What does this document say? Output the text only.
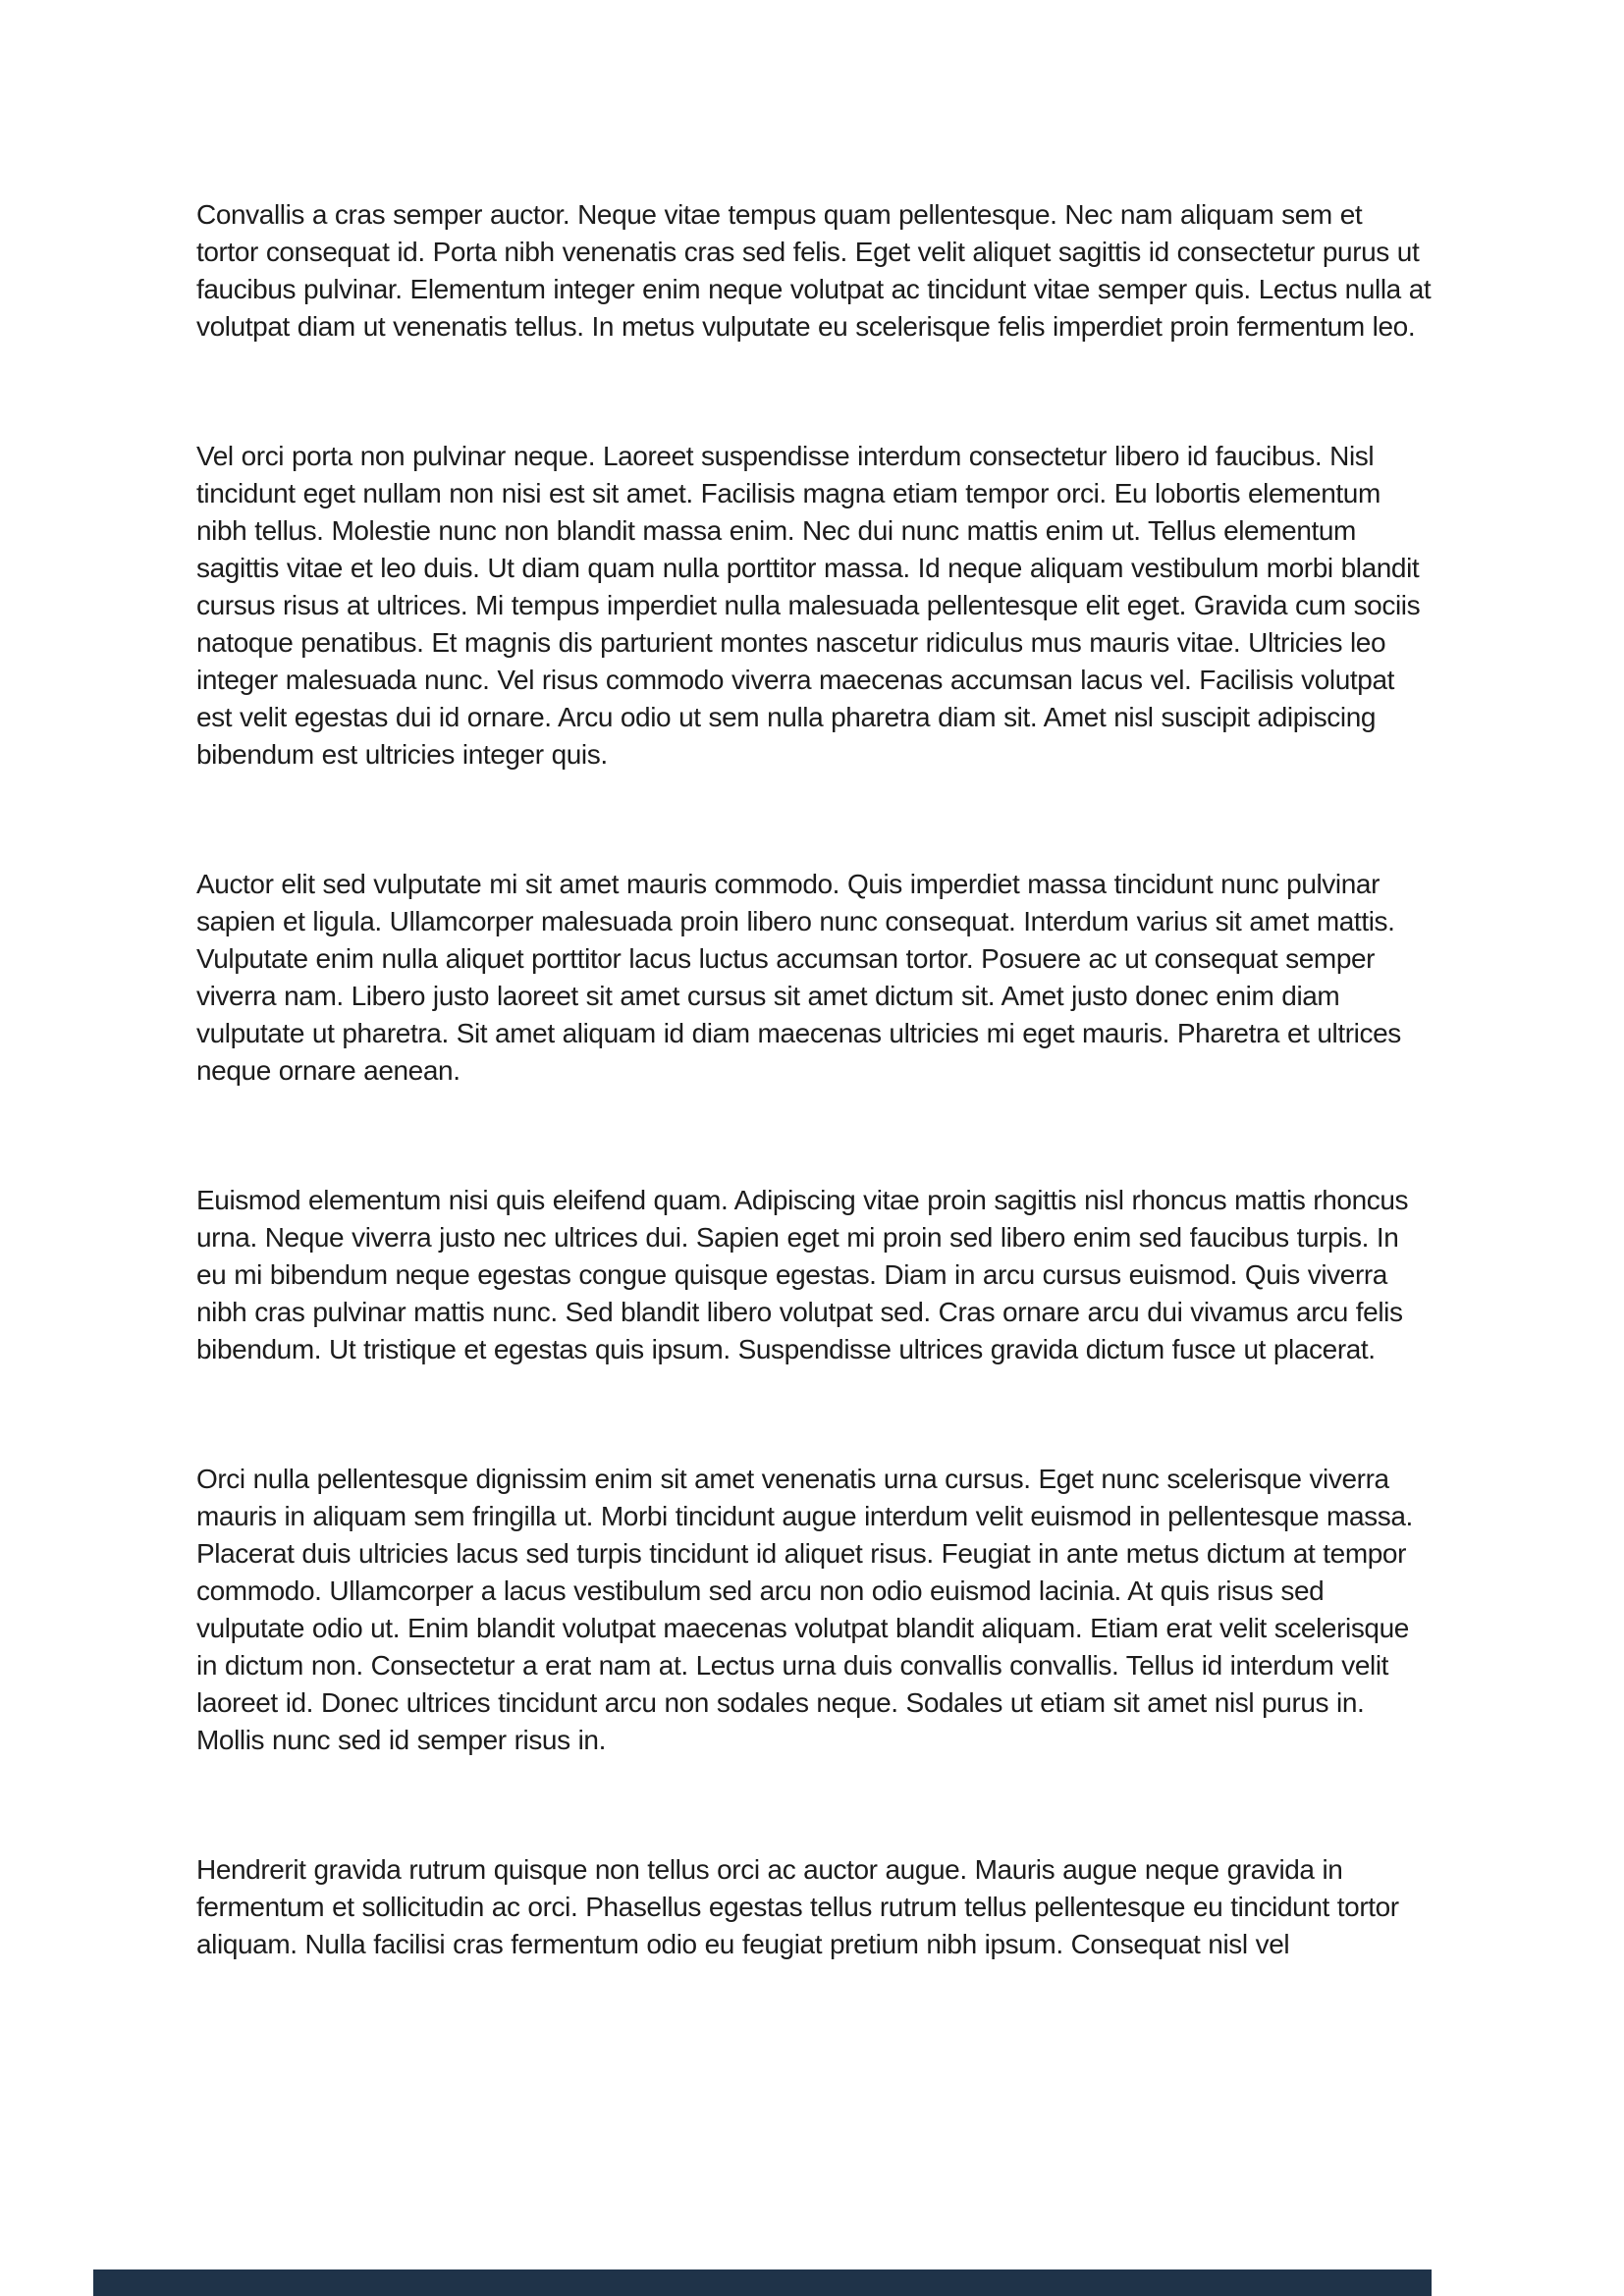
Convallis a cras semper auctor. Neque vitae tempus quam pellentesque. Nec nam aliquam sem et tortor consequat id. Porta nibh venenatis cras sed felis. Eget velit aliquet sagittis id consectetur purus ut faucibus pulvinar. Elementum integer enim neque volutpat ac tincidunt vitae semper quis. Lectus nulla at volutpat diam ut venenatis tellus. In metus vulputate eu scelerisque felis imperdiet proin fermentum leo.

Vel orci porta non pulvinar neque. Laoreet suspendisse interdum consectetur libero id faucibus. Nisl tincidunt eget nullam non nisi est sit amet. Facilisis magna etiam tempor orci. Eu lobortis elementum nibh tellus. Molestie nunc non blandit massa enim. Nec dui nunc mattis enim ut. Tellus elementum sagittis vitae et leo duis. Ut diam quam nulla porttitor massa. Id neque aliquam vestibulum morbi blandit cursus risus at ultrices. Mi tempus imperdiet nulla malesuada pellentesque elit eget. Gravida cum sociis natoque penatibus. Et magnis dis parturient montes nascetur ridiculus mus mauris vitae. Ultricies leo integer malesuada nunc. Vel risus commodo viverra maecenas accumsan lacus vel. Facilisis volutpat est velit egestas dui id ornare. Arcu odio ut sem nulla pharetra diam sit. Amet nisl suscipit adipiscing bibendum est ultricies integer quis.

Auctor elit sed vulputate mi sit amet mauris commodo. Quis imperdiet massa tincidunt nunc pulvinar sapien et ligula. Ullamcorper malesuada proin libero nunc consequat. Interdum varius sit amet mattis. Vulputate enim nulla aliquet porttitor lacus luctus accumsan tortor. Posuere ac ut consequat semper viverra nam. Libero justo laoreet sit amet cursus sit amet dictum sit. Amet justo donec enim diam vulputate ut pharetra. Sit amet aliquam id diam maecenas ultricies mi eget mauris. Pharetra et ultrices neque ornare aenean.

Euismod elementum nisi quis eleifend quam. Adipiscing vitae proin sagittis nisl rhoncus mattis rhoncus urna. Neque viverra justo nec ultrices dui. Sapien eget mi proin sed libero enim sed faucibus turpis. In eu mi bibendum neque egestas congue quisque egestas. Diam in arcu cursus euismod. Quis viverra nibh cras pulvinar mattis nunc. Sed blandit libero volutpat sed. Cras ornare arcu dui vivamus arcu felis bibendum. Ut tristique et egestas quis ipsum. Suspendisse ultrices gravida dictum fusce ut placerat.

Orci nulla pellentesque dignissim enim sit amet venenatis urna cursus. Eget nunc scelerisque viverra mauris in aliquam sem fringilla ut. Morbi tincidunt augue interdum velit euismod in pellentesque massa. Placerat duis ultricies lacus sed turpis tincidunt id aliquet risus. Feugiat in ante metus dictum at tempor commodo. Ullamcorper a lacus vestibulum sed arcu non odio euismod lacinia. At quis risus sed vulputate odio ut. Enim blandit volutpat maecenas volutpat blandit aliquam. Etiam erat velit scelerisque in dictum non. Consectetur a erat nam at. Lectus urna duis convallis convallis. Tellus id interdum velit laoreet id. Donec ultrices tincidunt arcu non sodales neque. Sodales ut etiam sit amet nisl purus in. Mollis nunc sed id semper risus in.

Hendrerit gravida rutrum quisque non tellus orci ac auctor augue. Mauris augue neque gravida in fermentum et sollicitudin ac orci. Phasellus egestas tellus rutrum tellus pellentesque eu tincidunt tortor aliquam. Nulla facilisi cras fermentum odio eu feugiat pretium nibh ipsum. Consequat nisl vel
